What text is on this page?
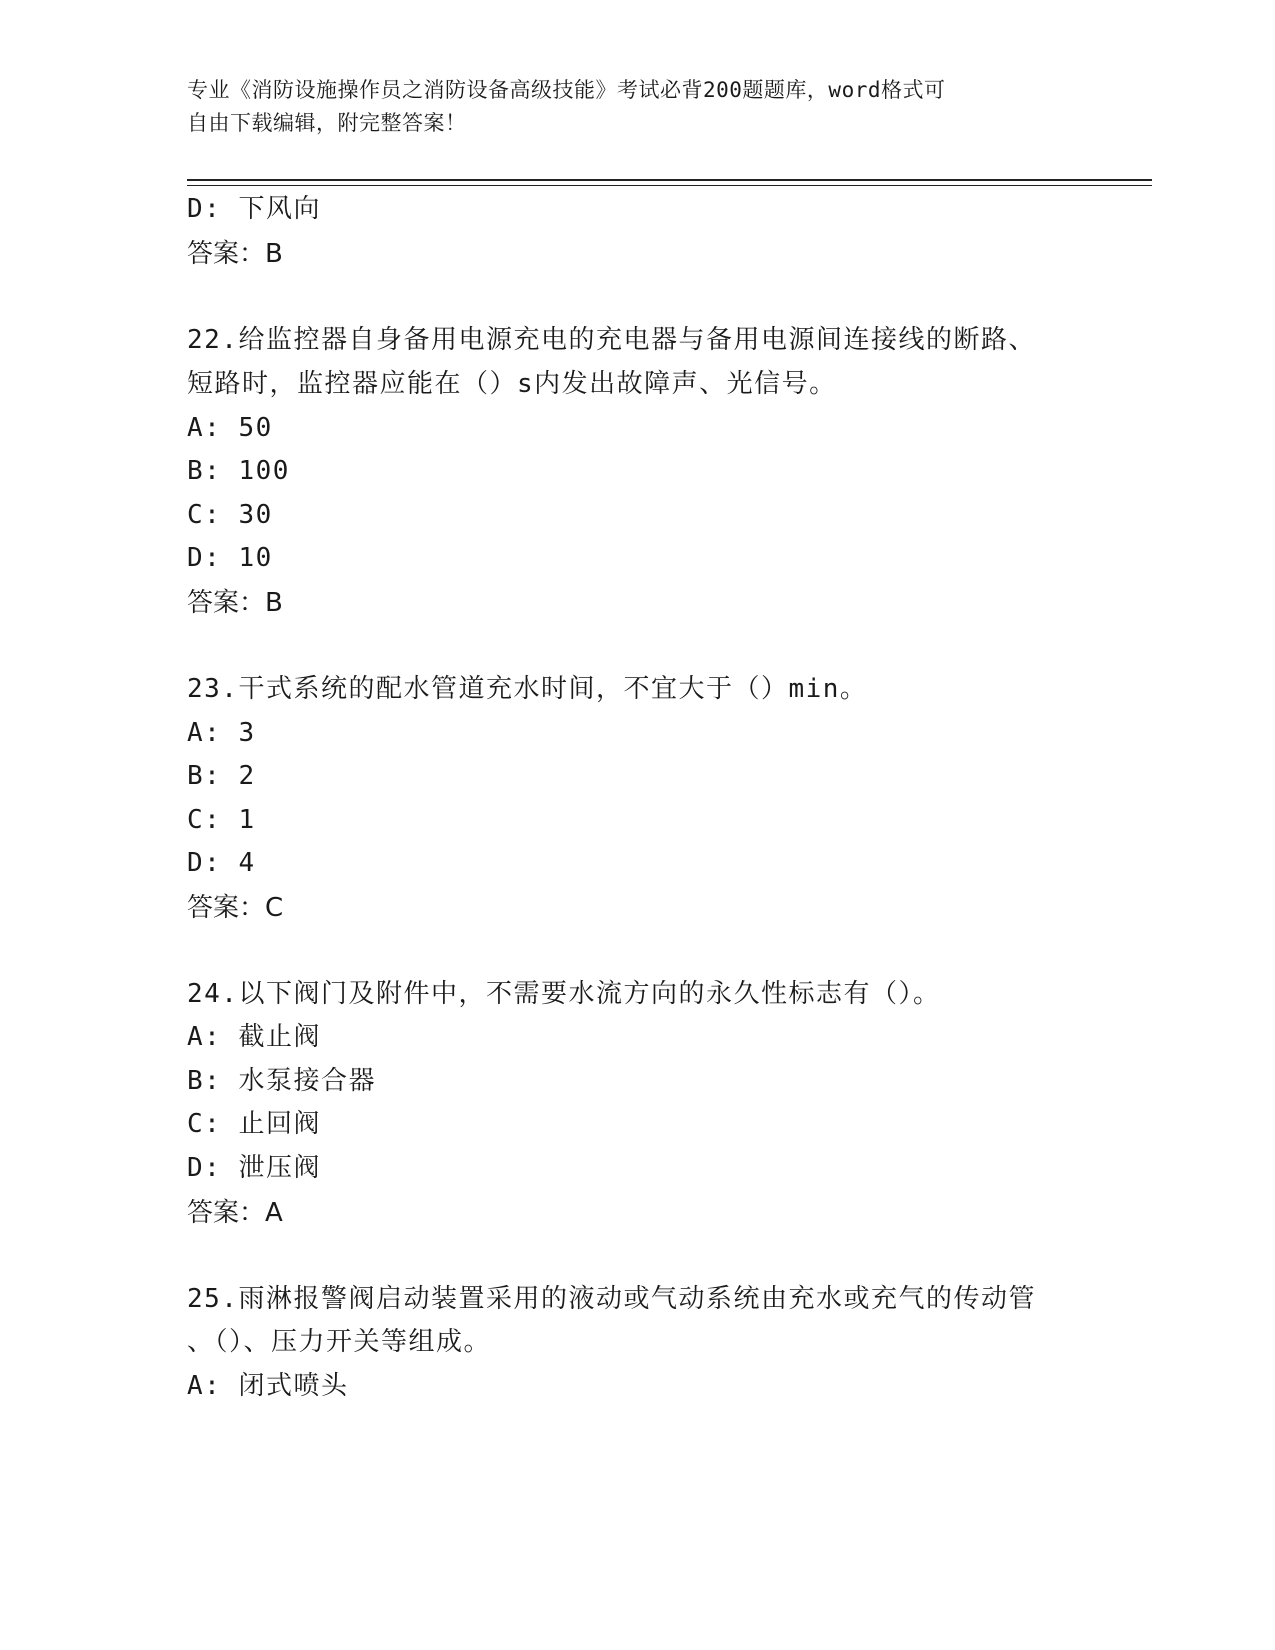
专业《消防设施操作员之消防设备高级技能》考试必背200题题库，word格式可
自由下载编辑，附完整答案！
D: 下风向
答案：B
22.给监控器自身备用电源充电的充电器与备用电源间连接线的断路、
短路时，监控器应能在（）s内发出故障声、光信号。
A: 50
B: 100
C: 30
D: 10
答案：B
23.干式系统的配水管道充水时间，不宜大于（）min。
A: 3
B: 2
C: 1
D: 4
答案：C
24.以下阀门及附件中，不需要水流方向的永久性标志有（）。
A: 截止阀
B: 水泵接合器
C: 止回阀
D: 泄压阀
答案：A
25.雨淋报警阀启动装置采用的液动或气动系统由充水或充气的传动管
、（）、压力开关等组成。
A: 闭式喷头
